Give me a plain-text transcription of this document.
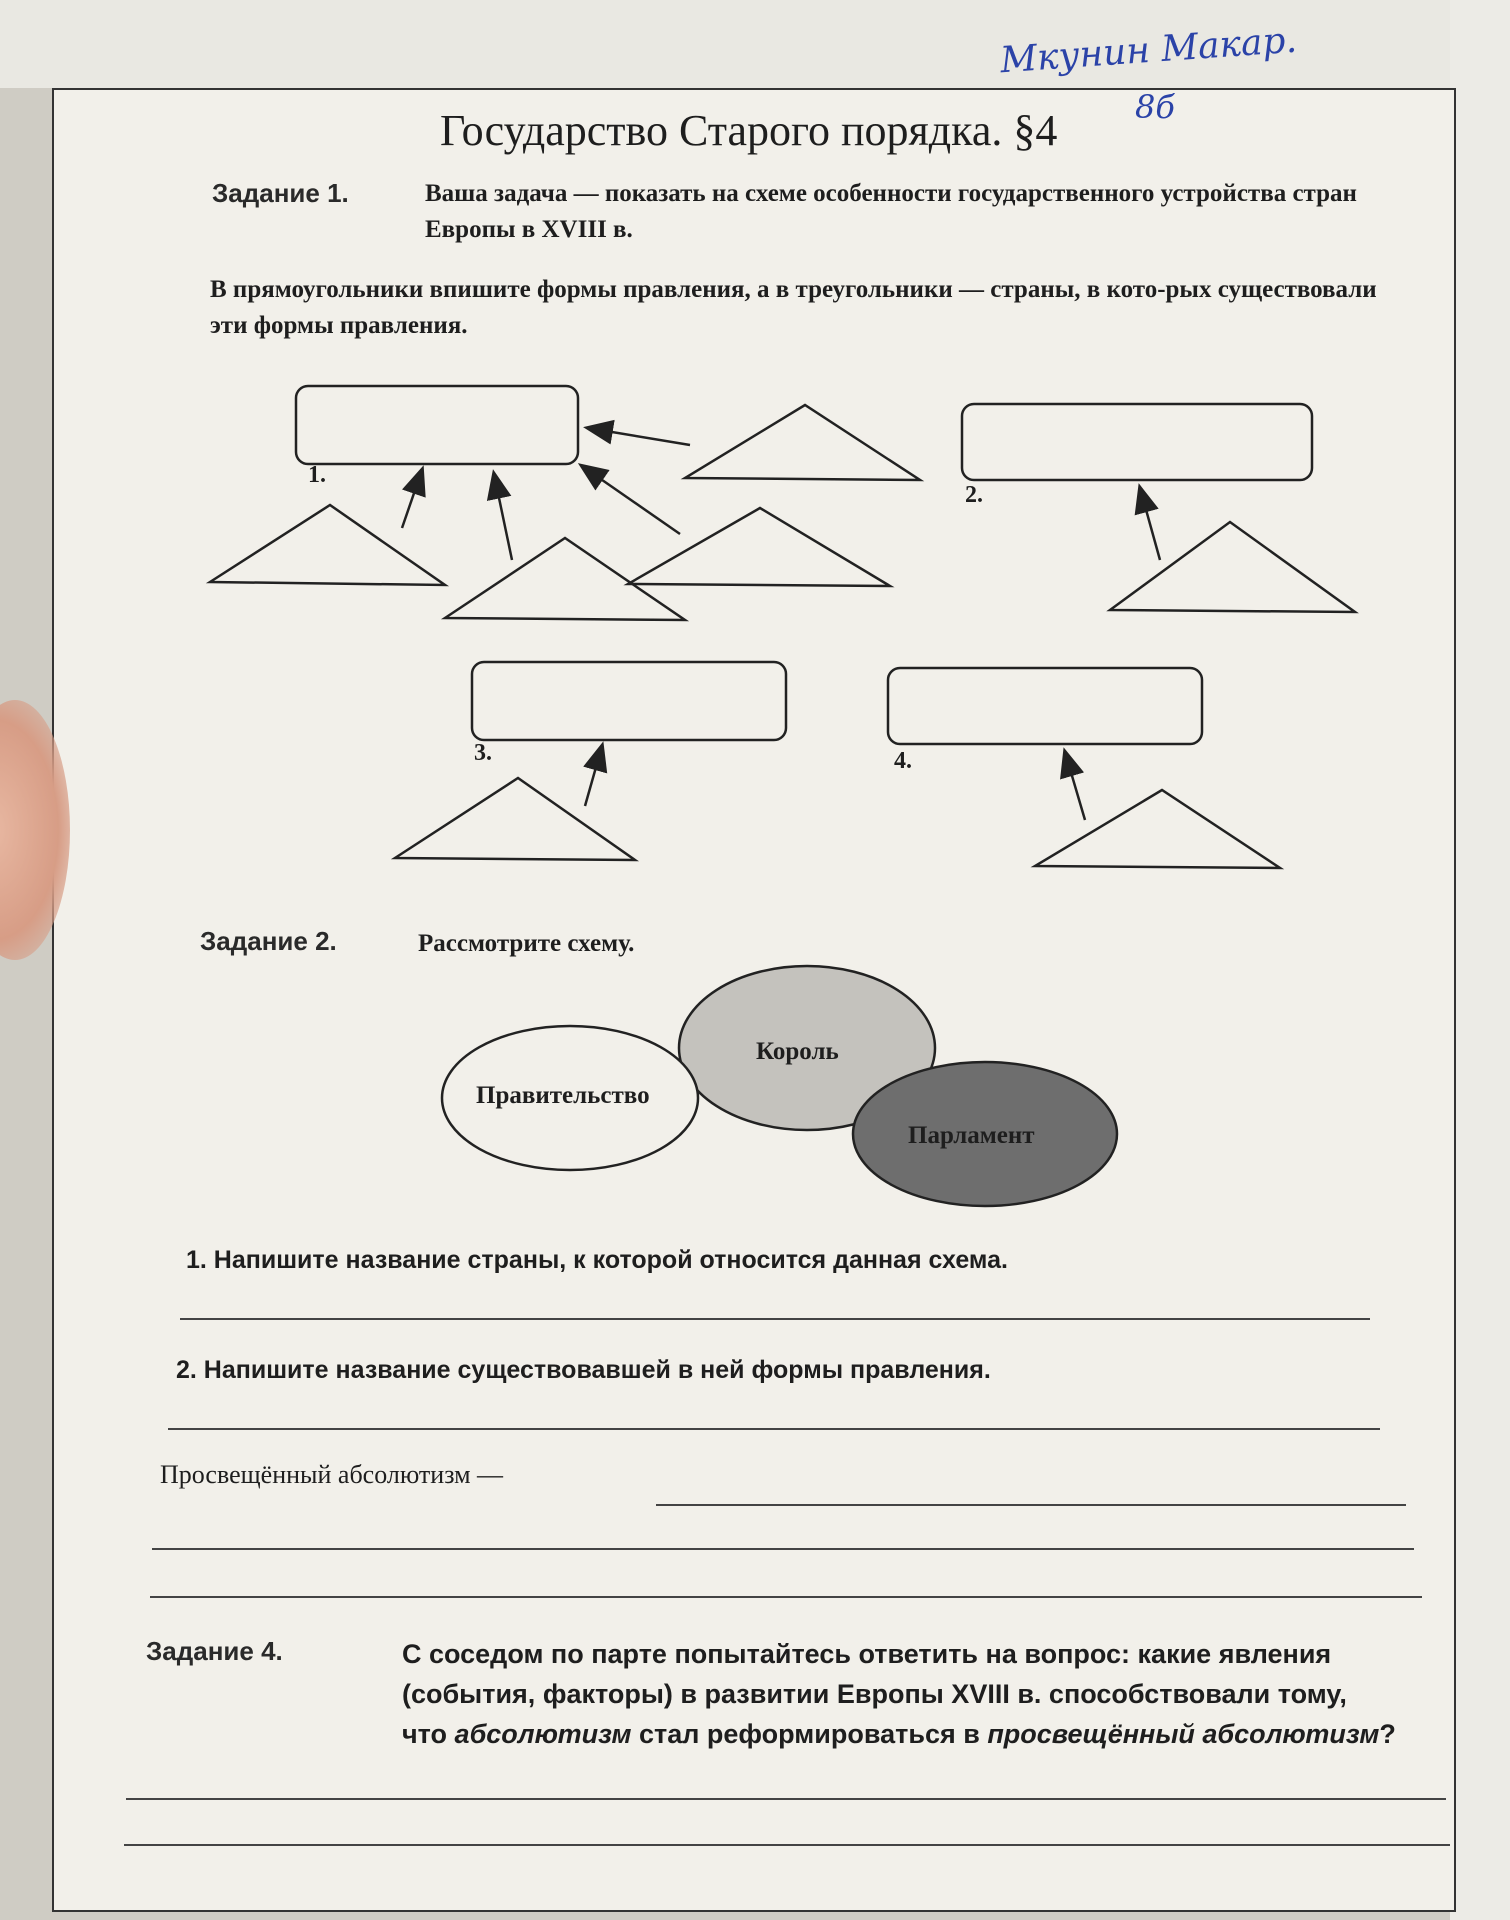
Мкунин Макар.
8б
Государство Старого порядка. §4
Задание 1.	Ваша задача — показать на схеме особенности государственного устройства стран Европы в XVIII в.
В прямоугольники впишите формы правления, а в треугольники — страны, в кото-рых существовали эти формы правления.
1.
2.
3.	4.
Задание 2.	Рассмотрите схему.
Правительство
Король
Парламент
1. Напишите название страны, к которой относится данная схема.
2. Напишите название существовавшей в ней формы правления.
Просвещённый абсолютизм —
Задание 4.	С соседом по парте попытайтесь ответить на вопрос: какие явления
(события, факторы) в развитии Европы XVIII в. способствовали тому,
что абсолютизм стал реформироваться в просвещённый абсолютизм?
